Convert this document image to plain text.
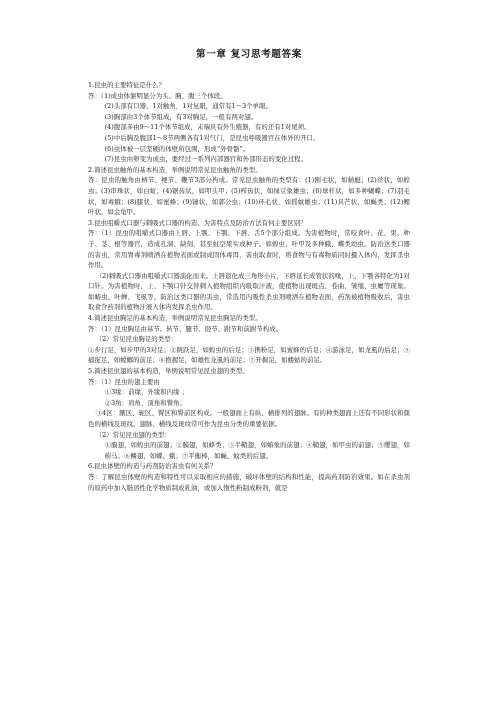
第一章 复习思考题答案

1.昆虫的主要特征是什么？

答：（1)成虫体躯明显分为头、胸、腹三个体段。

(2)头部有口器、1对触角，1对复眼，通常有1～3个单眼。

(3)胸部由3个体节组成，有3对胸足，一般有两对翅。

(4)腹部多由9～11个体节组成，末端具有外生殖器，有的还有1对尾须。

(5)中后胸及腹部1～8节两侧各有1对气门，是昆虫呼吸器官在体外的开口。

(6)虫体被一层坚硬的体壁所包围，形成“外骨骼”。

(7)昆虫由卵变为成虫，要经过一系列内部器官和外部形态的变化过程。

2.简述昆虫触角的基本构造，举例说明常见昆虫触角的类型。

答：昆虫的触角由柄节、梗节、鞭节3部分构成。常见昆虫触角的类型有：(1)刚毛状，如蜻蜓；(2)丝状，如蝗虫；(3)串珠状，如白蚁；(4)锯齿状，如叩头甲；(5)栉齿状，如绿豆象雄虫；(6)球杆状，如多种蝴蝶；(7)羽毛状，如毒蛾；(8)膝状，如蜜蜂；(9)锤状，如郭公虫；(10)环毛状，如摇蚊雄虫；(11)具芒状，如蝇类；(12)鳃叶状，如金龟甲。

3.昆虫咀嚼式口器与刺吸式口器的构造、为害特点及防治方法有何主要区别？

答：（1）昆虫的咀嚼式口器由上唇、上颚、下颚、下唇、舌5个部分组成。为害植物时，常咬食叶、花、果、种子、茎、根等器官，造成孔洞、缺刻，甚至蛀空果实或种子。如蝗虫、叶甲及多种蛾、蝶类幼虫。防治这类口器的害虫，常用胃毒剂喷洒在植物表面或制成固体毒饵，害虫取食时，将食物与有毒物质同时摄入体内，发挥杀虫作用。

（2)刺吸式口器由咀嚼式口器演化而来。上唇退化成三角形小片，下唇延长成管状的喙，上、下颚各特化为1对口针。为害植物时，上、下颚口针交替刺入植物组织内吸取汁液，使植物出现斑点、卷曲、皱缩、虫瘿等现象。如蝽虫、叶蝉、飞虱等。防治这类口器的害虫，常选用内吸性杀虫剂喷洒在植物表面，药剂被植物吸收后，害虫取食含药剂的植物汁液入体内发挥杀虫作用。

4.简述昆虫胸足的基本构造，举例说明常见昆虫胸足的类型。

答：（1）昆虫胸足由基节、转节、腿节、胫节、跗节和前跗节构成。

（2）常见昆虫胸足的类型：

①步行足，如步甲的3对足；②跳跃足，如蝗虫的后足；③携粉足，如蜜蜂的后足；④游泳足，如龙虱的后足；⑤捕捉足，如螳螂的前足；⑥抱握足，如雄性龙虱的前足；⑦开掘足，如蝼蛄的前足。

5.简述昆虫翅的基本构造，举例说明常见昆虫翅的类型。

答：（1）昆虫的翅主要由

①3缘：前缘、外缘和内缘 ；

②3角：肩角、顶角和臀角；

③4区：腋区、轭区、臀区和臀前区构成。一般翅面上有纵、横排列的翅脉。有的种类翅面上还有不同形状和颜色的横线及斑纹。翅脉、横线及斑纹常可作为昆虫分类的重要依据。

（2）常见昆虫翅的类型：

①膜翅，如蝗虫的前翅；②膜翅，如蜂类；③半鞘翅，如蝽象的前翅；④鞘翅，如甲虫的前翅；⑤缨翅，如蓟马；⑥鳞翅，如蝶、蛾；⑦平衡棒，如蝇、蚊类的后翅。

6.昆虫体壁的构造与药剂防治害虫有何关系？

答：了解昆虫体壁的构造和特性可以采取相应的措施，破坏体壁的结构和性能，提高药剂防治效果。如在杀虫剂的原药中加入脂溶性化学物质制成乳油，或加入惰性粉制成粉剂，就是
